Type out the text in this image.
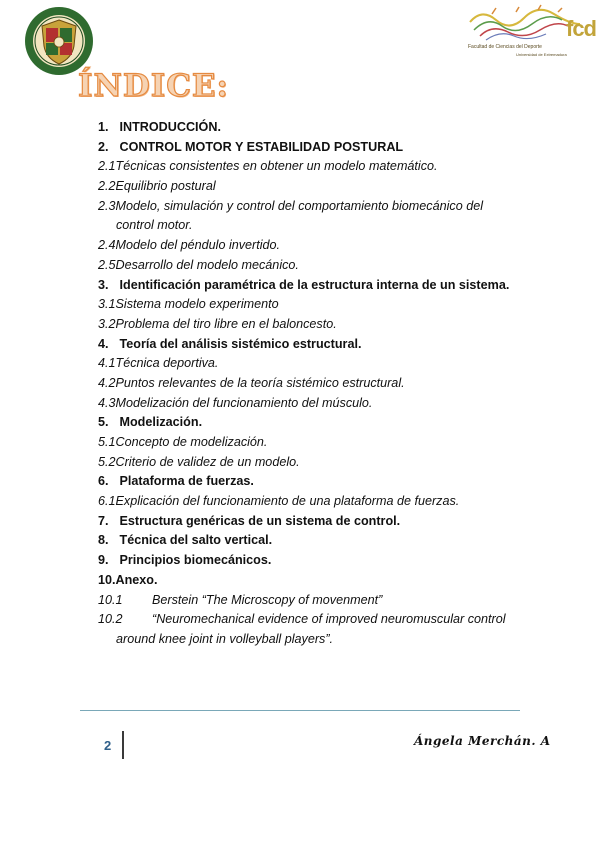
fcd
Facultad de Ciencias del Deporte
Universidad de Extremadura
ÍNDICE:
1. INTRODUCCIÓN.
2. CONTROL MOTOR Y ESTABILIDAD POSTURAL
2.1Técnicas consistentes en obtener un modelo matemático.
2.2Equilibrio postural
2.3Modelo, simulación y control del comportamiento biomecánico del
control motor.
2.4Modelo del péndulo invertido.
2.5Desarrollo del modelo mecánico.
3. Identificación paramétrica de la estructura interna de un sistema.
3.1Sistema modelo experimento
3.2Problema del tiro libre en el baloncesto.
4. Teoría del análisis sistémico estructural.
4.1Técnica deportiva.
4.2Puntos relevantes de la teoría sistémico estructural.
4.3Modelización del funcionamiento del músculo.
5. Modelización.
5.1Concepto de modelización.
5.2Criterio de validez de un modelo.
6. Plataforma de fuerzas.
6.1Explicación del funcionamiento de una plataforma de fuerzas.
7. Estructura genéricas de un sistema de control.
8. Técnica del salto vertical.
9. Principios biomecánicos.
10.Anexo.
10.1 Berstein “The Microscopy of movenment”
10.2 “Neuromechanical evidence of improved neuromuscular control
around knee joint in volleyball players”.
2	Ángela Merchán. A
